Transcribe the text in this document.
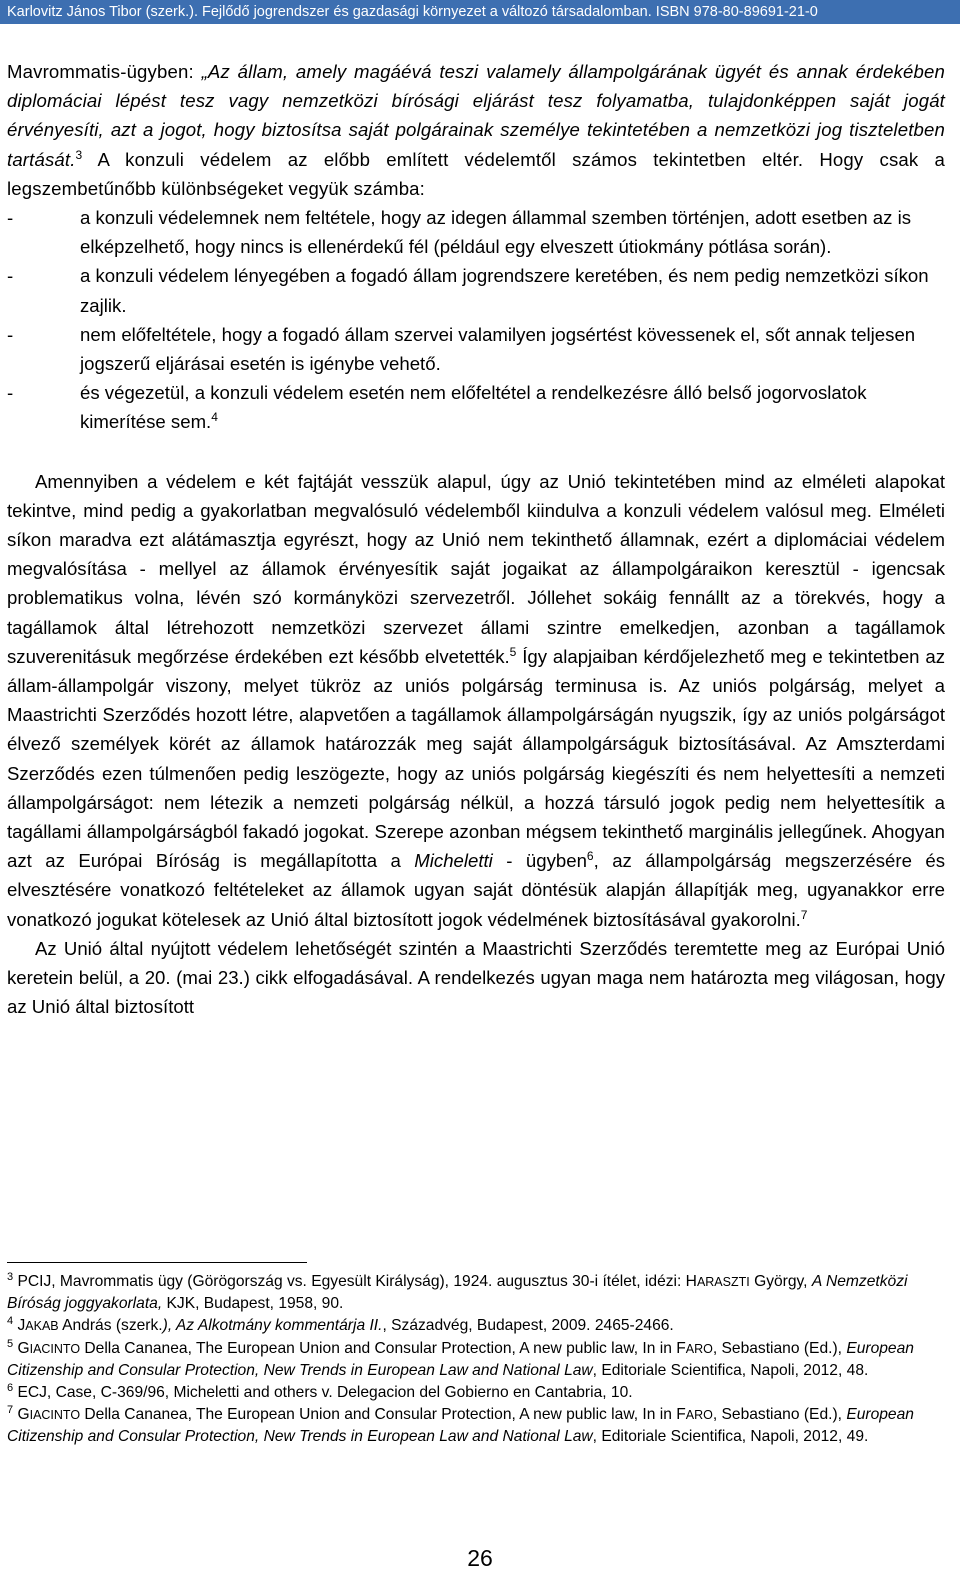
Karlovitz János Tibor (szerk.). Fejlődő jogrendszer és gazdasági környezet a változó társadalomban. ISBN 978-80-89691-21-0

Mavrommatis-ügyben: „Az állam, amely magáévá teszi valamely állampolgárának ügyét és annak érdekében diplomáciai lépést tesz vagy nemzetközi bírósági eljárást tesz folyamatba, tulajdonképpen saját jogát érvényesíti, azt a jogot, hogy biztosítsa saját polgárainak személye tekintetében a nemzetközi jog tiszteletben tartását.$^3$ A konzuli védelem az előbb említett védelemtől számos tekintetben eltér. Hogy csak a legszembetűnőbb különbségeket vegyük számba:

-	a konzuli védelemnek nem feltétele, hogy az idegen állammal szemben történjen, adott esetben az is elképzelhető, hogy nincs is ellenérdekű fél (például egy elveszett útiokmány pótlása során).
-	a konzuli védelem lényegében a fogadó állam jogrendszere keretében, és nem pedig nemzetközi síkon zajlik.
-	nem előfeltétele, hogy a fogadó állam szervei valamilyen jogsértést kövessenek el, sőt annak teljesen jogszerű eljárásai esetén is igénybe vehető.
-	és végezetül, a konzuli védelem esetén nem előfeltétel a rendelkezésre álló belső jogorvoslatok kimerítése sem.$^4$

Amennyiben a védelem e két fajtáját vesszük alapul, úgy az Unió tekintetében mind az elméleti alapokat tekintve, mind pedig a gyakorlatban megvalósuló védelemből kiindulva a konzuli védelem valósul meg. Elméleti síkon maradva ezt alátámasztja egyrészt, hogy az Unió nem tekinthető államnak, ezért a diplomáciai védelem megvalósítása - mellyel az államok érvényesítik saját jogaikat az állampolgáraikon keresztül - igencsak problematikus volna, lévén szó kormányközi szervezetről. Jóllehet sokáig fennállt az a törekvés, hogy a tagállamok által létrehozott nemzetközi szervezet állami szintre emelkedjen, azonban a tagállamok szuverenitásuk megőrzése érdekében ezt később elvetették.$^5$ Így alapjaiban kérdőjelezhető meg e tekintetben az állam-állampolgár viszony, melyet tükröz az uniós polgárság terminusa is. Az uniós polgárság, melyet a Maastrichti Szerződés hozott létre, alapvetően a tagállamok állampolgárságán nyugszik, így az uniós polgárságot élvező személyek körét az államok határozzák meg saját állampolgárságuk biztosításával. Az Amszterdami Szerződés ezen túlmenően pedig leszögezte, hogy az uniós polgárság kiegészíti és nem helyettesíti a nemzeti állampolgárságot: nem létezik a nemzeti polgárság nélkül, a hozzá társuló jogok pedig nem helyettesítik a tagállami állampolgárságból fakadó jogokat. Szerepe azonban mégsem tekinthető marginális jellegűnek. Ahogyan azt az Európai Bíróság is megállapította a Micheletti - ügyben$^6$, az állampolgárság megszerzésére és elvesztésére vonatkozó feltételeket az államok ugyan saját döntésük alapján állapítják meg, ugyanakkor erre vonatkozó jogukat kötelesek az Unió által biztosított jogok védelmének biztosításával gyakorolni.$^7$

Az Unió által nyújtott védelem lehetőségét szintén a Maastrichti Szerződés teremtette meg az Európai Unió keretein belül, a 20. (mai 23.) cikk elfogadásával. A rendelkezés ugyan maga nem határozta meg világosan, hogy az Unió által biztosított

$^3$ PCIJ, Mavrommatis ügy (Görögország vs. Egyesült Királyság), 1924. augusztus 30-i ítélet, idézi: HARASZTI György, A Nemzetközi Bíróság joggyakorlata, KJK, Budapest, 1958, 90.

$^4$ JAKAB András (szerk.), Az Alkotmány kommentárja II., Századvég, Budapest, 2009. 2465-2466.

$^5$ GIACINTO Della Cananea, The European Union and Consular Protection, A new public law, In in FARO, Sebastiano (Ed.), European Citizenship and Consular Protection, New Trends in European Law and National Law, Editoriale Scientifica, Napoli, 2012, 48.

$^6$ ECJ, Case, C-369/96, Micheletti and others v. Delegacion del Gobierno en Cantabria, 10.

$^7$ GIACINTO Della Cananea, The European Union and Consular Protection, A new public law, In in FARO, Sebastiano (Ed.), European Citizenship and Consular Protection, New Trends in European Law and National Law, Editoriale Scientifica, Napoli, 2012, 49.

26
